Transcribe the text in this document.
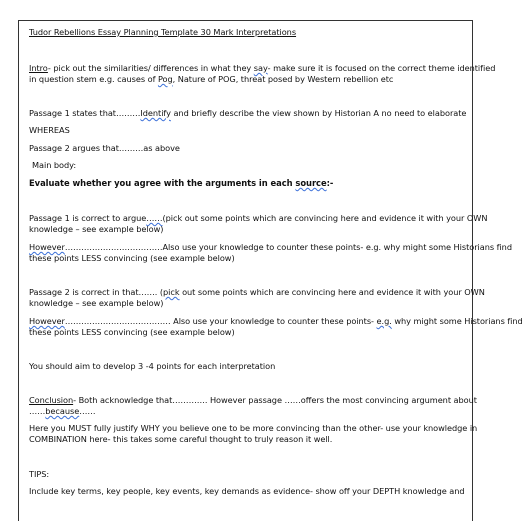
Tudor Rebellions Essay Planning Template 30 Mark Interpretations
Intro- pick out the similarities/ differences in what they say- make sure it is focused on the correct theme identified
in question stem e.g. causes of Pog, Nature of POG, threat posed by Western rebellion etc
Passage 1 states that………Identify and briefly describe the view shown by Historian A no need to elaborate
WHEREAS
Passage 2 argues that………as above
Main body:
Evaluate whether you agree with the arguments in each source:-
Passage 1 is correct to argue……(pick out some points which are convincing here and evidence it with your OWN
knowledge – see example below)
However………………………………Also use your knowledge to counter these points- e.g. why might some Historians find
these points LESS convincing (see example below)
Passage 2 is correct in that……. (pick out some points which are convincing here and evidence it with your OWN
knowledge – see example below)
However………………………………… Also use your knowledge to counter these points- e.g. why might some Historians find
these points LESS convincing (see example below)
You should aim to develop 3 -4 points for each interpretation
Conclusion- Both acknowledge that…………. However passage ……offers the most convincing argument about
……because……
Here you MUST fully justify WHY you believe one to be more convincing than the other- use your knowledge in
COMBINATION here- this takes some careful thought to truly reason it well.
TIPS:
Include key terms, key people, key events, key demands as evidence- show off your DEPTH knowledge and
